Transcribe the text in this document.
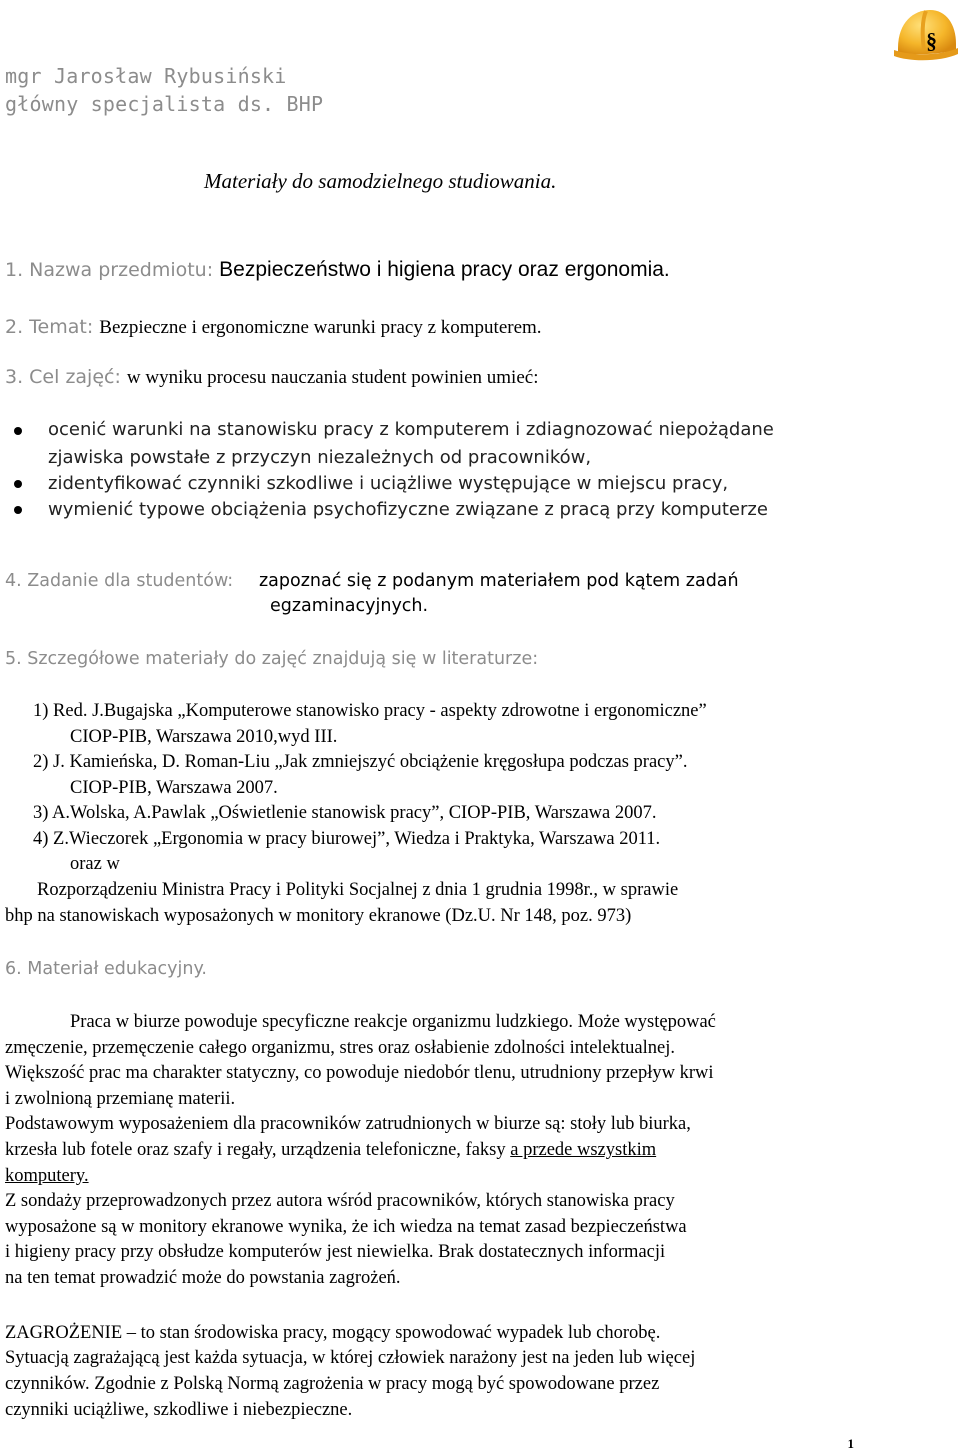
mgr Jarosław Rybusiński
główny specjalista ds. BHP
§
Materiały do samodzielnego studiowania.
1. Nazwa przedmiotu: Bezpieczeństwo i higiena pracy oraz ergonomia.
2. Temat: Bezpieczne i ergonomiczne warunki pracy z komputerem.
3. Cel zajęć: w wyniku procesu nauczania student powinien umieć:
ocenić warunki na stanowisku pracy z komputerem i zdiagnozować niepożądane
zjawiska powstałe z przyczyn niezależnych od pracowników,
zidentyfikować czynniki szkodliwe i uciążliwe występujące w miejscu pracy,
wymienić typowe obciążenia psychofizyczne związane z pracą przy komputerze
4. Zadanie dla studentów: zapoznać się z podanym materiałem pod kątem zadań
egzaminacyjnych.
5. Szczegółowe materiały do zajęć znajdują się w literaturze:
1) Red. J.Bugajska „Komputerowe stanowisko pracy - aspekty zdrowotne i ergonomiczne”
CIOP-PIB, Warszawa 2010,wyd III.
2) J. Kamieńska, D. Roman-Liu „Jak zmniejszyć obciążenie kręgosłupa podczas pracy”.
CIOP-PIB, Warszawa 2007.
3) A.Wolska, A.Pawlak „Oświetlenie stanowisk pracy”, CIOP-PIB, Warszawa 2007.
4) Z.Wieczorek „Ergonomia w pracy biurowej”, Wiedza i Praktyka, Warszawa 2011.
oraz w
Rozporządzeniu Ministra Pracy i Polityki Socjalnej z dnia 1 grudnia 1998r., w sprawie
bhp na stanowiskach wyposażonych w monitory ekranowe (Dz.U. Nr 148, poz. 973)
6. Materiał edukacyjny.
Praca w biurze powoduje specyficzne reakcje organizmu ludzkiego. Może występować
zmęczenie, przemęczenie całego organizmu, stres oraz osłabienie zdolności intelektualnej.
Większość prac ma charakter statyczny, co powoduje niedobór tlenu, utrudniony przepływ krwi
i zwolnioną przemianę materii.
Podstawowym wyposażeniem dla pracowników zatrudnionych w biurze są: stoły lub biurka,
krzesła lub fotele oraz szafy i regały, urządzenia telefoniczne, faksy a przede wszystkim
komputery.
Z sondaży przeprowadzonych przez autora wśród pracowników, których stanowiska pracy
wyposażone są w monitory ekranowe wynika, że ich wiedza na temat zasad bezpieczeństwa
i higieny pracy przy obsłudze komputerów jest niewielka. Brak dostatecznych informacji
na ten temat prowadzić może do powstania zagrożeń.
ZAGROŻENIE – to stan środowiska pracy, mogący spowodować wypadek lub chorobę.
Sytuacją zagrażającą jest każda sytuacja, w której człowiek narażony jest na jeden lub więcej
czynników. Zgodnie z Polską Normą zagrożenia w pracy mogą być spowodowane przez
czynniki uciążliwe, szkodliwe i niebezpieczne.
1
